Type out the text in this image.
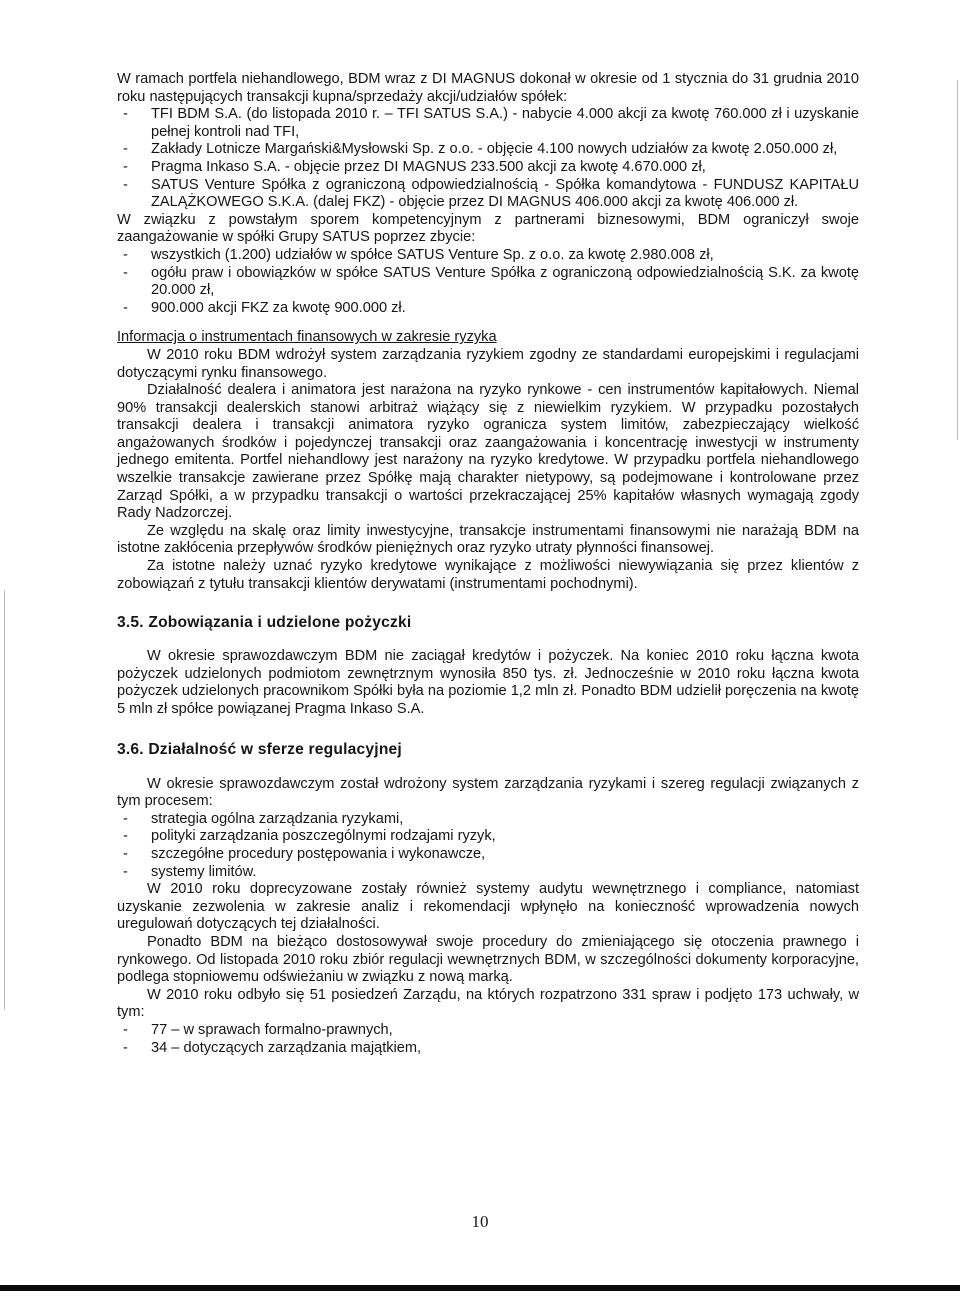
W ramach portfela niehandlowego, BDM wraz z DI MAGNUS dokonał w okresie od 1 stycznia do 31 grudnia 2010 roku następujących transakcji kupna/sprzedaży akcji/udziałów spółek:

- TFI BDM S.A. (do listopada 2010 r. – TFI SATUS S.A.) - nabycie 4.000 akcji za kwotę 760.000 zł i uzyskanie pełnej kontroli nad TFI,
- Zakłady Lotnicze Margański&Mysłowski Sp. z o.o. - objęcie 4.100 nowych udziałów za kwotę 2.050.000 zł,
- Pragma Inkaso S.A. - objęcie przez DI MAGNUS 233.500 akcji za kwotę 4.670.000 zł,
- SATUS Venture Spółka z ograniczoną odpowiedzialnością - Spółka komandytowa - FUNDUSZ KAPITAŁU ZALĄŻKOWEGO S.K.A. (dalej FKZ) - objęcie przez DI MAGNUS 406.000 akcji za kwotę 406.000 zł.

W związku z powstałym sporem kompetencyjnym z partnerami biznesowymi, BDM ograniczył swoje zaangażowanie w spółki Grupy SATUS poprzez zbycie:

- wszystkich (1.200) udziałów w spółce SATUS Venture Sp. z o.o. za kwotę 2.980.008 zł,
- ogółu praw i obowiązków w spółce SATUS Venture Spółka z ograniczoną odpowiedzialnością S.K. za kwotę 20.000 zł,
- 900.000 akcji FKZ za kwotę 900.000 zł.

Informacja o instrumentach finansowych w zakresie ryzyka

W 2010 roku BDM wdrożył system zarządzania ryzykiem zgodny ze standardami europejskimi i regulacjami dotyczącymi rynku finansowego.

Działalność dealera i animatora jest narażona na ryzyko rynkowe - cen instrumentów kapitałowych. Niemal 90% transakcji dealerskich stanowi arbitraż wiążący się z niewielkim ryzykiem. W przypadku pozostałych transakcji dealera i transakcji animatora ryzyko ogranicza system limitów, zabezpieczający wielkość angażowanych środków i pojedynczej transakcji oraz zaangażowania i koncentrację inwestycji w instrumenty jednego emitenta. Portfel niehandlowy jest narażony na ryzyko kredytowe. W przypadku portfela niehandlowego wszelkie transakcje zawierane przez Spółkę mają charakter nietypowy, są podejmowane i kontrolowane przez Zarząd Spółki, a w przypadku transakcji o wartości przekraczającej 25% kapitałów własnych wymagają zgody Rady Nadzorczej.

Ze względu na skalę oraz limity inwestycyjne, transakcje instrumentami finansowymi nie narażają BDM na istotne zakłócenia przepływów środków pieniężnych oraz ryzyko utraty płynności finansowej.

Za istotne należy uznać ryzyko kredytowe wynikające z możliwości niewywiązania się przez klientów z zobowiązań z tytułu transakcji klientów derywatami (instrumentami pochodnymi).

3.5. Zobowiązania i udzielone pożyczki

W okresie sprawozdawczym BDM nie zaciągał kredytów i pożyczek. Na koniec 2010 roku łączna kwota pożyczek udzielonych podmiotom zewnętrznym wynosiła 850 tys. zł. Jednocześnie w 2010 roku łączna kwota pożyczek udzielonych pracownikom Spółki była na poziomie 1,2 mln zł. Ponadto BDM udzielił poręczenia na kwotę 5 mln zł spółce powiązanej Pragma Inkaso S.A.

3.6. Działalność w sferze regulacyjnej

W okresie sprawozdawczym został wdrożony system zarządzania ryzykami i szereg regulacji związanych z tym procesem:

- strategia ogólna zarządzania ryzykami,
- polityki zarządzania poszczególnymi rodzajami ryzyk,
- szczegółne procedury postępowania i wykonawcze,
- systemy limitów.

W 2010 roku doprecyzowane zostały również systemy audytu wewnętrznego i compliance, natomiast uzyskanie zezwolenia w zakresie analiz i rekomendacji wpłynęło na konieczność wprowadzenia nowych uregulowań dotyczących tej działalności.

Ponadto BDM na bieżąco dostosowywał swoje procedury do zmieniającego się otoczenia prawnego i rynkowego. Od listopada 2010 roku zbiór regulacji wewnętrznych BDM, w szczególności dokumenty korporacyjne, podlega stopniowemu odświeżaniu w związku z nową marką.

W 2010 roku odbyło się 51 posiedzeń Zarządu, na których rozpatrzono 331 spraw i podjęto 173 uchwały, w tym:

- 77 – w sprawach formalno-prawnych,
- 34 – dotyczących zarządzania majątkiem,
10
